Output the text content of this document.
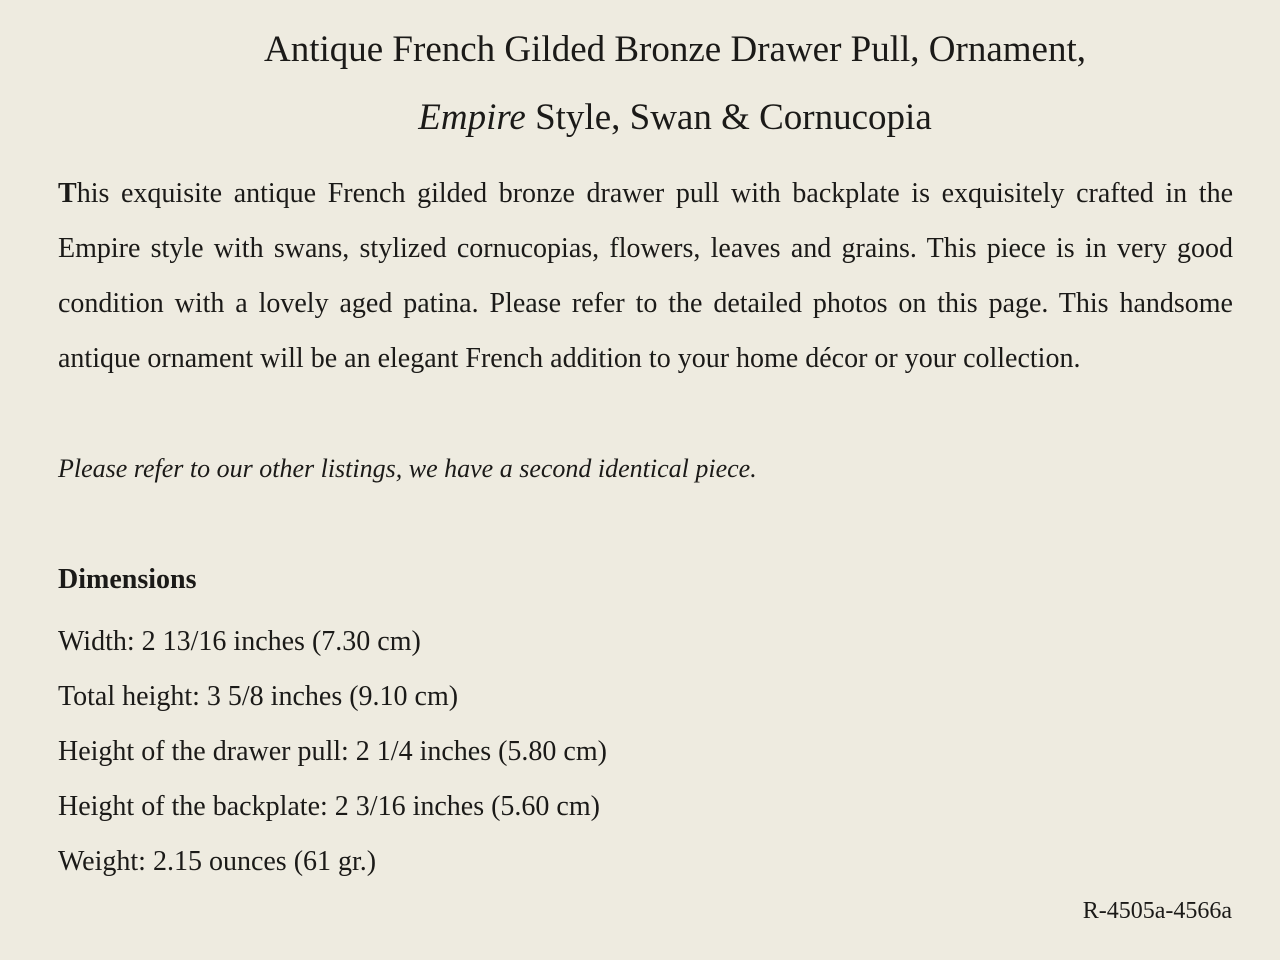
Antique French Gilded Bronze Drawer Pull, Ornament,
Empire Style, Swan & Cornucopia
This exquisite antique French gilded bronze drawer pull with backplate is exquisitely crafted in the Empire style with swans, stylized cornucopias, flowers, leaves and grains. This piece is in very good condition with a lovely aged patina. Please refer to the detailed photos on this page. This handsome antique ornament will be an elegant French addition to your home décor or your collection.
Please refer to our other listings, we have a second identical piece.
Dimensions
Width: 2 13/16 inches (7.30 cm)
Total height: 3 5/8 inches (9.10 cm)
Height of the drawer pull: 2 1/4 inches (5.80 cm)
Height of the backplate: 2 3/16 inches (5.60 cm)
Weight: 2.15 ounces (61 gr.)
R-4505a-4566a
